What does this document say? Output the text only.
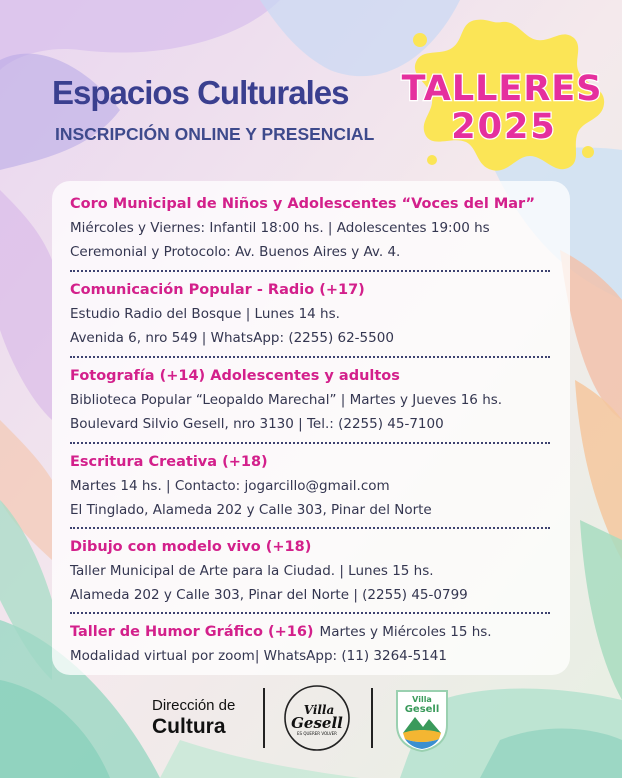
Espacios Culturales
INSCRIPCIÓN ONLINE Y PRESENCIAL
TALLERES
2025
Coro Municipal de Niños y Adolescentes “Voces del Mar”
Miércoles y Viernes: Infantil 18:00 hs. | Adolescentes 19:00 hs
Ceremonial y Protocolo: Av. Buenos Aires y Av. 4.
Comunicación Popular - Radio (+17)
Estudio Radio del Bosque | Lunes 14 hs.
Avenida 6, nro 549 | WhatsApp: (2255) 62-5500
Fotografía (+14) Adolescentes y adultos
Biblioteca Popular “Leopaldo Marechal” | Martes y Jueves 16 hs.
Boulevard Silvio Gesell, nro 3130 | Tel.: (2255) 45-7100
Escritura Creativa (+18)
Martes 14 hs. | Contacto: jogarcillo@gmail.com
El Tinglado, Alameda 202 y Calle 303, Pinar del Norte
Dibujo con modelo vivo (+18)
Taller Municipal de Arte para la Ciudad. | Lunes 15 hs.
Alameda 202 y Calle 303, Pinar del Norte | (2255) 45-0799
Taller de Humor Gráfico (+16) Martes y Miércoles 15 hs.
Modalidad virtual por zoom| WhatsApp: (11) 3264-5141
Dirección de
Cultura
Villa
Gesell
ES QUERER VOLVER
Villa
Gesell
